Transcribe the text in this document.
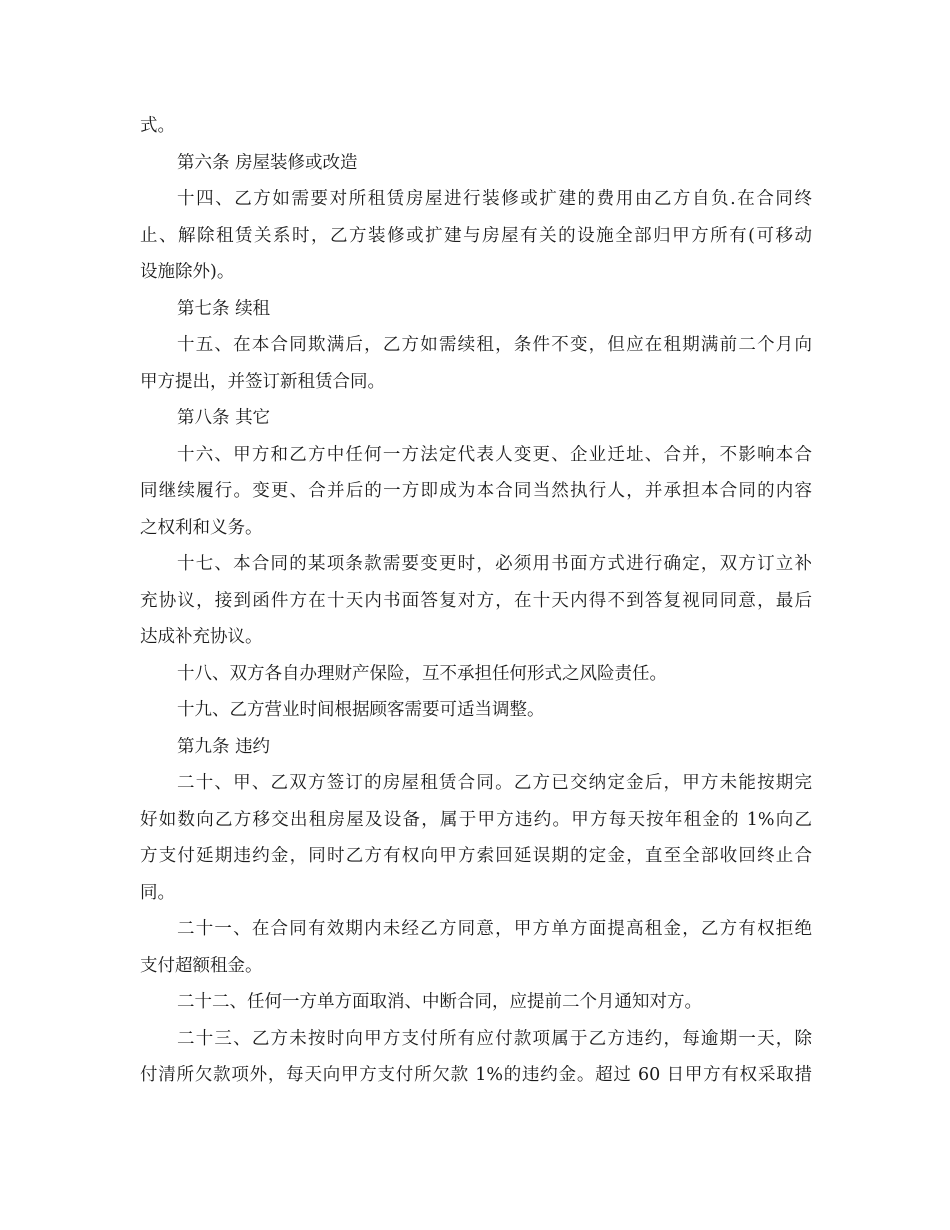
式。
第六条 房屋装修或改造
十四、乙方如需要对所租赁房屋进行装修或扩建的费用由乙方自负.在合同终
止、解除租赁关系时，乙方装修或扩建与房屋有关的设施全部归甲方所有(可移动
设施除外)。
第七条 续租
十五、在本合同欺满后，乙方如需续租，条件不变，但应在租期满前二个月向
甲方提出，并签订新租赁合同。
第八条 其它
十六、甲方和乙方中任何一方法定代表人变更、企业迁址、合并，不影响本合
同继续履行。变更、合并后的一方即成为本合同当然执行人，并承担本合同的内容
之权利和义务。
十七、本合同的某项条款需要变更时，必须用书面方式进行确定，双方订立补
充协议，接到函件方在十天内书面答复对方，在十天内得不到答复视同同意，最后
达成补充协议。
十八、双方各自办理财产保险，互不承担任何形式之风险责任。
十九、乙方营业时间根据顾客需要可适当调整。
第九条 违约
二十、甲、乙双方签订的房屋租赁合同。乙方已交纳定金后，甲方未能按期完
好如数向乙方移交出租房屋及设备，属于甲方违约。甲方每天按年租金的 1%向乙
方支付延期违约金，同时乙方有权向甲方索回延误期的定金，直至全部收回终止合
同。
二十一、在合同有效期内未经乙方同意，甲方单方面提高租金，乙方有权拒绝
支付超额租金。
二十二、任何一方单方面取消、中断合同，应提前二个月通知对方。
二十三、乙方未按时向甲方支付所有应付款项属于乙方违约，每逾期一天，除
付清所欠款项外，每天向甲方支付所欠款 1%的违约金。超过 60 日甲方有权采取措
